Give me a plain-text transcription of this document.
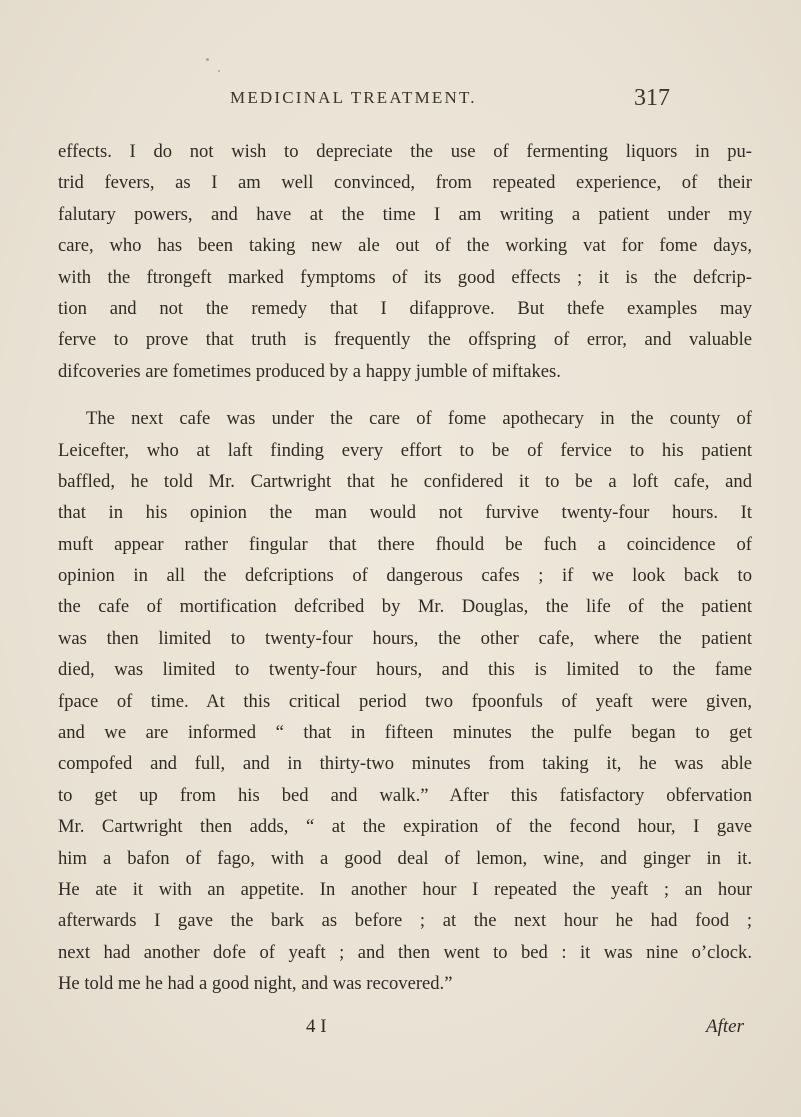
MEDICINAL TREATMENT.	317
effects. I do not wish to depreciate the use of fermenting liquors in pu-
trid fevers, as I am well convinced, from repeated experience, of their
falutary powers, and have at the time I am writing a patient under my
care, who has been taking new ale out of the working vat for fome days,
with the ftrongeft marked fymptoms of its good effects ; it is the defcrip-
tion and not the remedy that I difapprove. But thefe examples may
ferve to prove that truth is frequently the offspring of error, and valuable
difcoveries are fometimes produced by a happy jumble of miftakes.
The next cafe was under the care of fome apothecary in the county of
Leicefter, who at laft finding every effort to be of fervice to his patient
baffled, he told Mr. Cartwright that he confidered it to be a loft cafe, and
that in his opinion the man would not furvive twenty-four hours. It
muft appear rather fingular that there fhould be fuch a coincidence of
opinion in all the defcriptions of dangerous cafes ; if we look back to
the cafe of mortification defcribed by Mr. Douglas, the life of the patient
was then limited to twenty-four hours, the other cafe, where the patient
died, was limited to twenty-four hours, and this is limited to the fame
fpace of time. At this critical period two fpoonfuls of yeaft were given,
and we are informed “ that in fifteen minutes the pulfe began to get
compofed and full, and in thirty-two minutes from taking it, he was able
to get up from his bed and walk.” After this fatisfactory obfervation
Mr. Cartwright then adds, “ at the expiration of the fecond hour, I gave
him a bafon of fago, with a good deal of lemon, wine, and ginger in it.
He ate it with an appetite. In another hour I repeated the yeaft ; an hour
afterwards I gave the bark as before ; at the next hour he had food ;
next had another dofe of yeaft ; and then went to bed : it was nine o’clock.
He told me he had a good night, and was recovered.”
4 I	After
